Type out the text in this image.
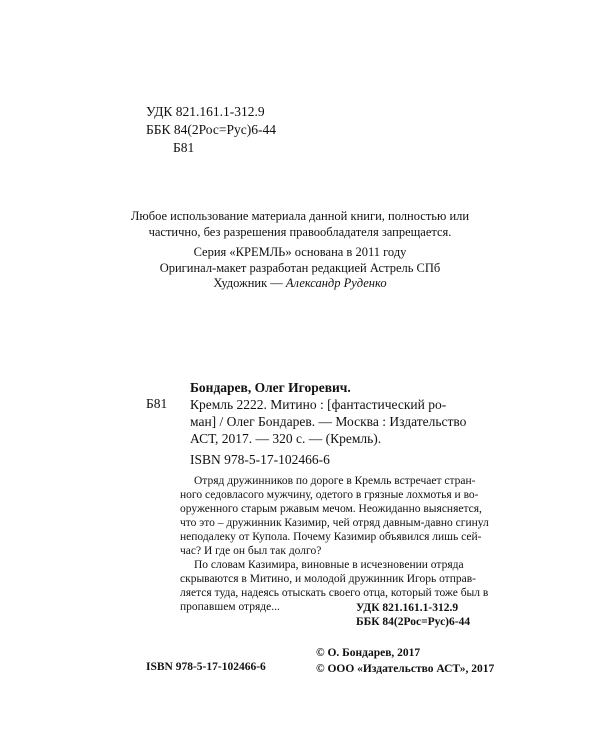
УДК 821.161.1-312.9
ББК 84(2Рос=Рус)6-44
Б81
Любое использование материала данной книги, полностью или
частично, без разрешения правообладателя запрещается.
Серия «КРЕМЛЬ» основана в 2011 году
Оригинал-макет разработан редакцией Астрель СПб
Художник — Александр Руденко
Бондарев, Олег Игоревич.
Б81 Кремль 2222. Митино : [фантастический ро-
ман] / Олег Бондарев. — Москва : Издательство
АСТ, 2017. — 320 с. — (Кремль).
ISBN 978-5-17-102466-6
Отряд дружинников по дороге в Кремль встречает стран-
ного седовласого мужчину, одетого в грязные лохмотья и во-
оруженного старым ржавым мечом. Неожиданно выясняется,
что это – дружинник Казимир, чей отряд давным-давно сгинул
неподалеку от Купола. Почему Казимир объявился лишь сей-
час? И где он был так долго?
По словам Казимира, виновные в исчезновении отряда
скрываются в Митино, и молодой дружинник Игорь отправ-
ляется туда, надеясь отыскать своего отца, который тоже был в
пропавшем отряде...	УДК 821.161.1-312.9
ББК 84(2Рос=Рус)6-44
© О. Бондарев, 2017
© ООО «Издательство АСТ», 2017
ISBN 978-5-17-102466-6
